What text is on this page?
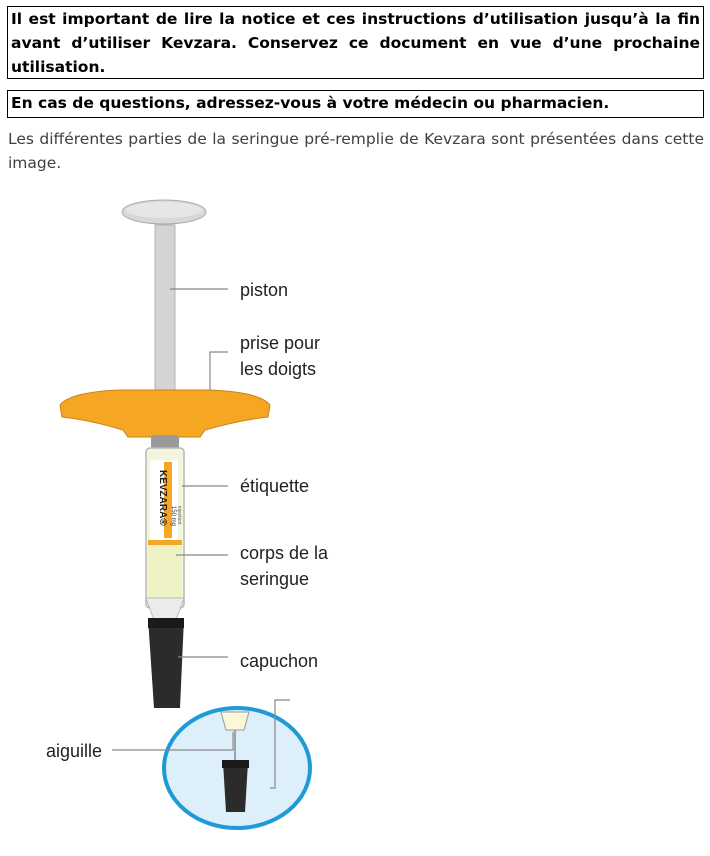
Il est important de lire la notice et ces instructions d’utilisation jusqu’à la fin avant d’utiliser Kevzara. Conservez ce document en vue d’une prochaine utilisation.
En cas de questions, adressez-vous à votre médecin ou pharmacien.
Les différentes parties de la seringue pré-remplie de Kevzara sont présentées dans cette image.
KEVZARA® 150 mg injection
piston
prise pour
les doigts
étiquette
corps de la
seringue
capuchon
aiguille
